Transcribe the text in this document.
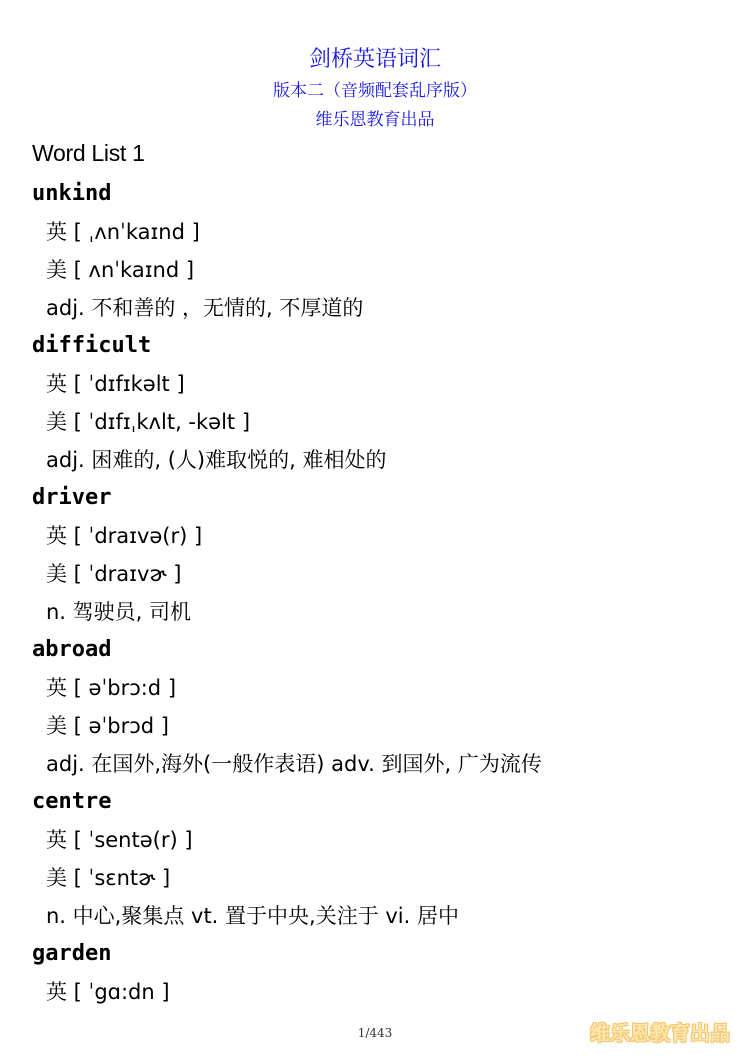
剑桥英语词汇
版本二（音频配套乱序版）
维乐恩教育出品
Word List 1
unkind
英 [ ˌʌnˈkaɪnd ]
美 [ ʌnˈkaɪnd ]
adj. 不和善的 ，无情的, 不厚道的
difficult
英 [ ˈdɪfɪkəlt ]
美 [ ˈdɪfɪˌkʌlt, -kəlt ]
adj. 困难的, (人)难取悦的, 难相处的
driver
英 [ ˈdraɪvə(r) ]
美 [ ˈdraɪvɚ ]
n. 驾驶员, 司机
abroad
英 [ əˈbrɔ:d ]
美 [ əˈbrɔd ]
adj. 在国外,海外(一般作表语) adv. 到国外, 广为流传
centre
英 [ ˈsentə(r) ]
美 [ ˈsɛntɚ ]
n. 中心,聚集点 vt. 置于中央,关注于 vi. 居中
garden
英 [ ˈgɑ:dn ]
1/443	维乐恩教育出品
